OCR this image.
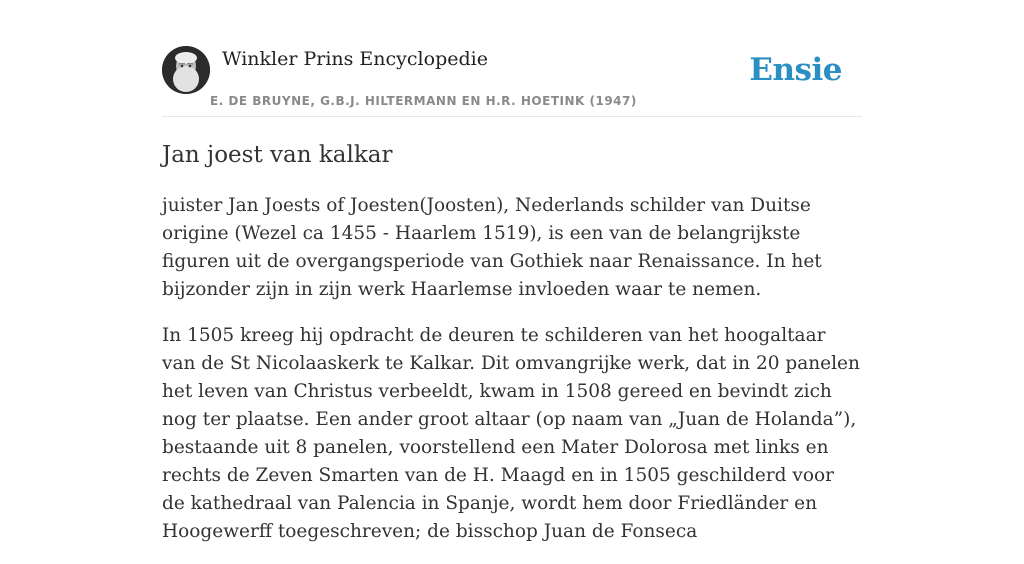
Winkler Prins Encyclopedie
E. DE BRUYNE, G.B.J. HILTERMANN EN H.R. HOETINK (1947)
Ensie
Jan joest van kalkar

juister Jan Joests of Joesten(Joosten), Nederlands schilder van Duitse origine (Wezel ca 1455 - Haarlem 1519), is een van de belangrijkste figuren uit de overgangsperiode van Gothiek naar Renaissance. In het bijzonder zijn in zijn werk Haarlemse invloeden waar te nemen.

In 1505 kreeg hij opdracht de deuren te schilderen van het hoogaltaar van de St Nicolaaskerk te Kalkar. Dit omvangrijke werk, dat in 20 panelen het leven van Christus verbeeldt, kwam in 1508 gereed en bevindt zich nog ter plaatse. Een ander groot altaar (op naam van „Juan de Holanda”), bestaande uit 8 panelen, voorstellend een Mater Dolorosa met links en rechts de Zeven Smarten van de H. Maagd en in 1505 geschilderd voor de kathedraal van Palencia in Spanje, wordt hem door Friedländer en Hoogewerff toegeschreven; de bisschop Juan de Fonseca
